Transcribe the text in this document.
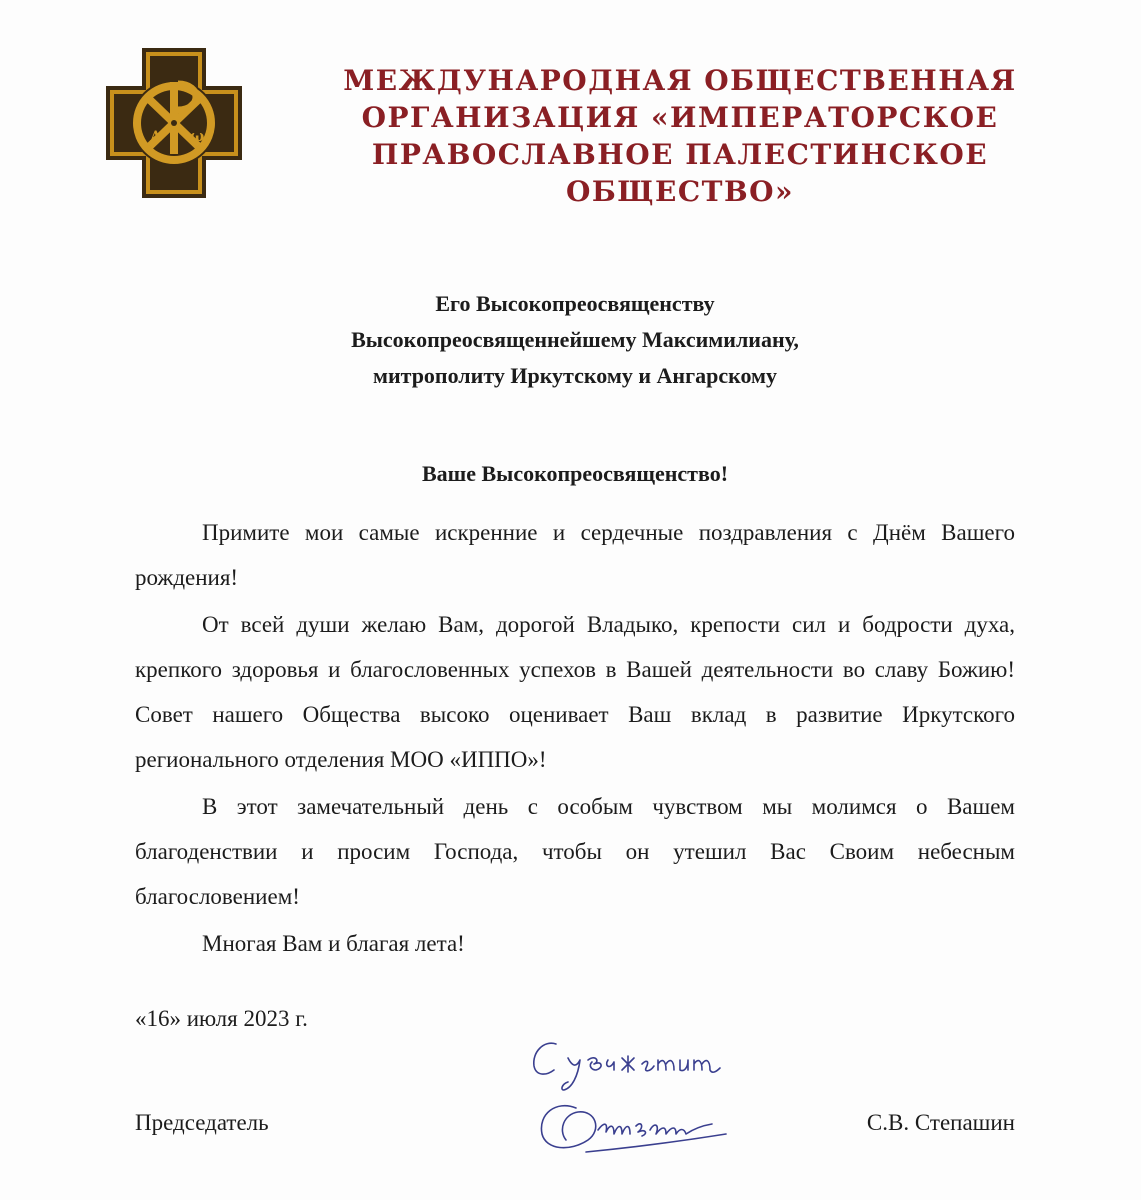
А ω
МЕЖДУНАРОДНАЯ ОБЩЕСТВЕННАЯ
ОРГАНИЗАЦИЯ «ИМПЕРАТОРСКОЕ
ПРАВОСЛАВНОЕ ПАЛЕСТИНСКОЕ ОБЩЕСТВО»
Его Высокопреосвященству
Высокопреосвященнейшему Максимилиану,
митрополиту Иркутскому и Ангарскому
Ваше Высокопреосвященство!

Примите мои самые искренние и сердечные поздравления с Днём Вашего рождения!

От всей души желаю Вам, дорогой Владыко, крепости сил и бодрости духа, крепкого здоровья и благословенных успехов в Вашей деятельности во славу Божию! Совет нашего Общества высоко оценивает Ваш вклад в развитие Иркутского регионального отделения МОО «ИППО»!

В этот замечательный день с особым чувством мы молимся о Вашем благоденствии и просим Господа, чтобы он утешил Вас Своим небесным благословением!

Многая Вам и благая лета!

«16» июля 2023 г.
Председатель	С.В. Степашин
